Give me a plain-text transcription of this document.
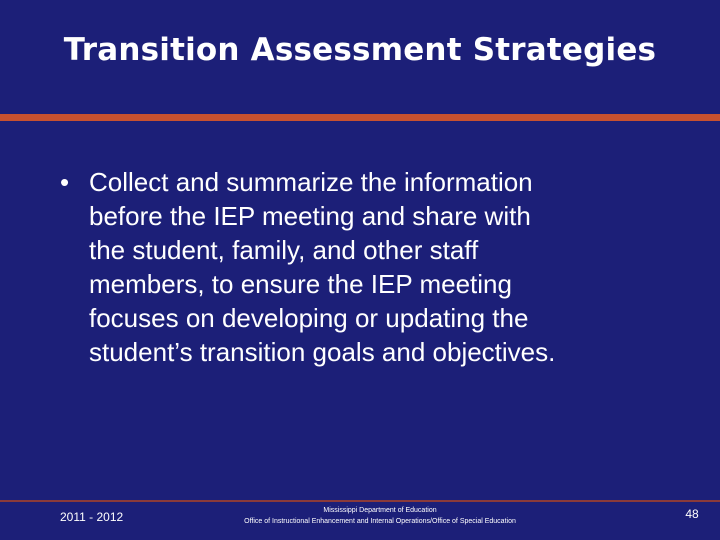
Transition Assessment Strategies
• Collect and summarize the information
before the IEP meeting and share with
the student, family, and other staff
members, to ensure the IEP meeting
focuses on developing or updating the
student’s transition goals and objectives.
2011 - 2012	Mississippi Department of Education
Office of Instructional Enhancement and Internal Operations/Office of Special Education
48
